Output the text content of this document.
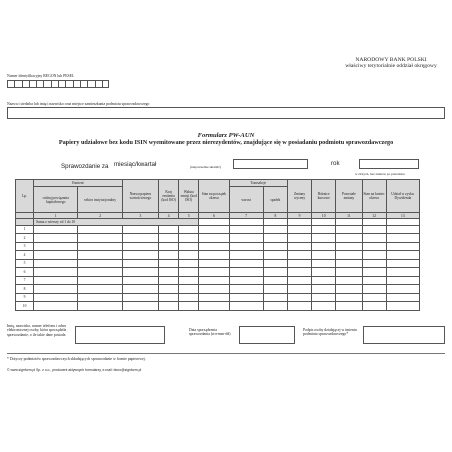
NARODOWY BANK POLSKI
właściwy terytorialnie oddział okręgowy
Numer identyfikacyjny REGON lub PESEL
Nazwa i siedziba lub imię i nazwisko oraz miejsce zamieszkania podmiotu sprawozdawczego
Formularz PW-AUN
Papiery udziałowe bez kodu ISIN wyemitowane przez nierezydentów, znajdujące się w posiadaniu podmiotu sprawozdawczego
Sprawozdanie za miesiąc/kwartał	(niepotrzebne skreślić)	rok
w złotych, bez znaków po przecinku
Lp.	Emitent		Nazwa papieru wartościowego	Kraj emitenta (kod ISO)	Waluta emisji (kod ISO)	Stan na początek okresu	Transakcje		Zmiany wyceny	Różnice kursowe	Pozostałe zmiany	Stan na koniec okresu	Udział w zysku. Dywidenda
	rodzaj powiązania kapitałowego	sektor instytucjonalny					wzrost	spadek					
	1	2	3	4	5	6	7	8	9	10	11	12	13
	Suma z wierszy od 1 do 10												
1													
2													
3													
4													
5													
6													
7													
8													
9													
10													
Imię, nazwisko, numer telefonu i adres elektronicznej osoby, która sporządziła sprawozdanie, o ile takie dane posiada
Data sporządzenia sprawozdania (rrrr-mm-dd)
Podpis osoby działającej w imieniu podmiotu sprawozdawczego*
* Dotyczy podmiotów sprawozdawczych składających sprawozdanie w formie papierowej.
© www.signform.pl Sp. z o.o., producent aktywnych formularzy, e-mail: biuro@signform.pl
